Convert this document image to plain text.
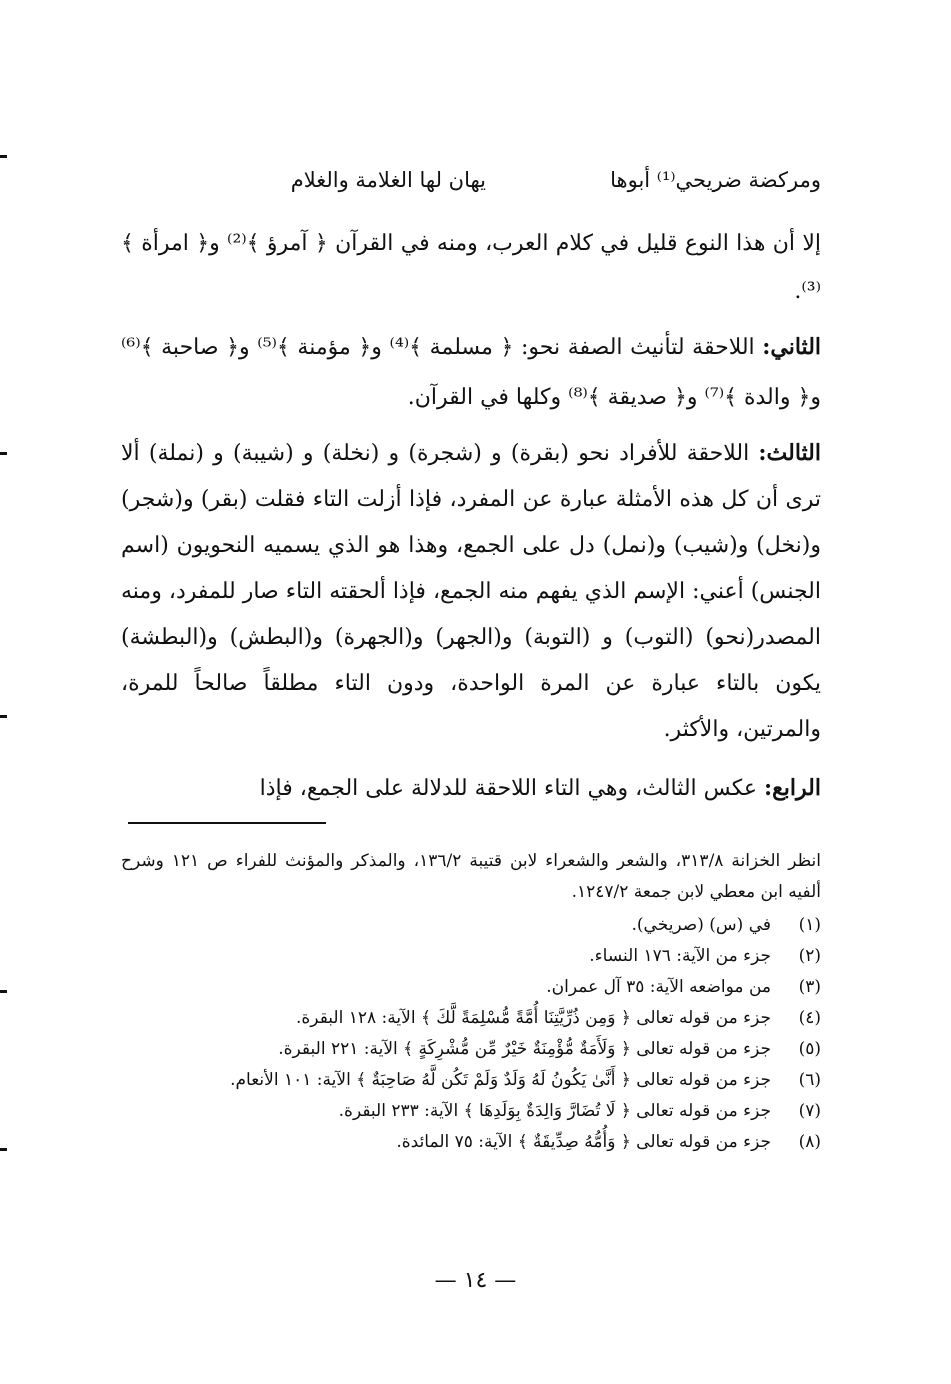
ومركضة ضريحي⁽¹⁾ أبوها
يهان لها الغلامة والغلام
إلا أن هذا النوع قليل في كلام العرب، ومنه في القرآن ﴿ آمرؤ ﴾⁽²⁾ و﴿ امرأة ﴾⁽³⁾.
الثاني: اللاحقة لتأنيث الصفة نحو: ﴿ مسلمة ﴾⁽⁴⁾ و﴿ مؤمنة ﴾⁽⁵⁾ و﴿ صاحبة ﴾⁽⁶⁾ و﴿ والدة ﴾⁽⁷⁾ و﴿ صديقة ﴾⁽⁸⁾ وكلها في القرآن.
الثالث: اللاحقة للأفراد نحو (بقرة) و (شجرة) و (نخلة) و (شيبة) و (نملة) ألا ترى أن كل هذه الأمثلة عبارة عن المفرد، فإذا أزلت التاء فقلت (بقر) و(شجر) و(نخل) و(شيب) و(نمل) دل على الجمع، وهذا هو الذي يسميه النحويون (اسم الجنس) أعني: الإسم الذي يفهم منه الجمع، فإذا ألحقته التاء صار للمفرد، ومنه المصدر(نحو) (التوب) و (التوبة) و(الجهر) و(الجهرة) و(البطش) و(البطشة) يكون بالتاء عبارة عن المرة الواحدة، ودون التاء مطلقاً صالحاً للمرة، والمرتين، والأكثر.
الرابع: عكس الثالث، وهي التاء اللاحقة للدلالة على الجمع، فإذا
انظر الخزانة ٣١٣/٨، والشعر والشعراء لابن قتيبة ١٣٦/٢، والمذكر والمؤنث للفراء ص ١٢١ وشرح ألفيه ابن معطي لابن جمعة ١٢٤٧/٢.
(١)
في (س) (صريخي).
(٢)
جزء من الآية: ١٧٦ النساء.
(٣)
من مواضعه الآية: ٣٥ آل عمران.
(٤)
جزء من قوله تعالى ﴿ وَمِن ذُرِّيَّتِنَا أُمَّةً مُّسْلِمَةً لَّكَ ﴾ الآية: ١٢٨ البقرة.
(٥)
جزء من قوله تعالى ﴿ وَلَأَمَةٌ مُّؤْمِنَةٌ خَيْرٌ مِّن مُّشْرِكَةٍ ﴾ الآية: ٢٢١ البقرة.
(٦)
جزء من قوله تعالى ﴿ أَنَّىٰ يَكُونُ لَهُ وَلَدٌ وَلَمْ تَكُن لَّهُ صَاحِبَةٌ ﴾ الآية: ١٠١ الأنعام.
(٧)
جزء من قوله تعالى ﴿ لَا تُضَارَّ وَالِدَةٌ بِوَلَدِهَا ﴾ الآية: ٢٣٣ البقرة.
(٨)
جزء من قوله تعالى ﴿ وَأُمُّهُ صِدِّيقَةٌ ﴾ الآية: ٧٥ المائدة.
— ١٤ —
